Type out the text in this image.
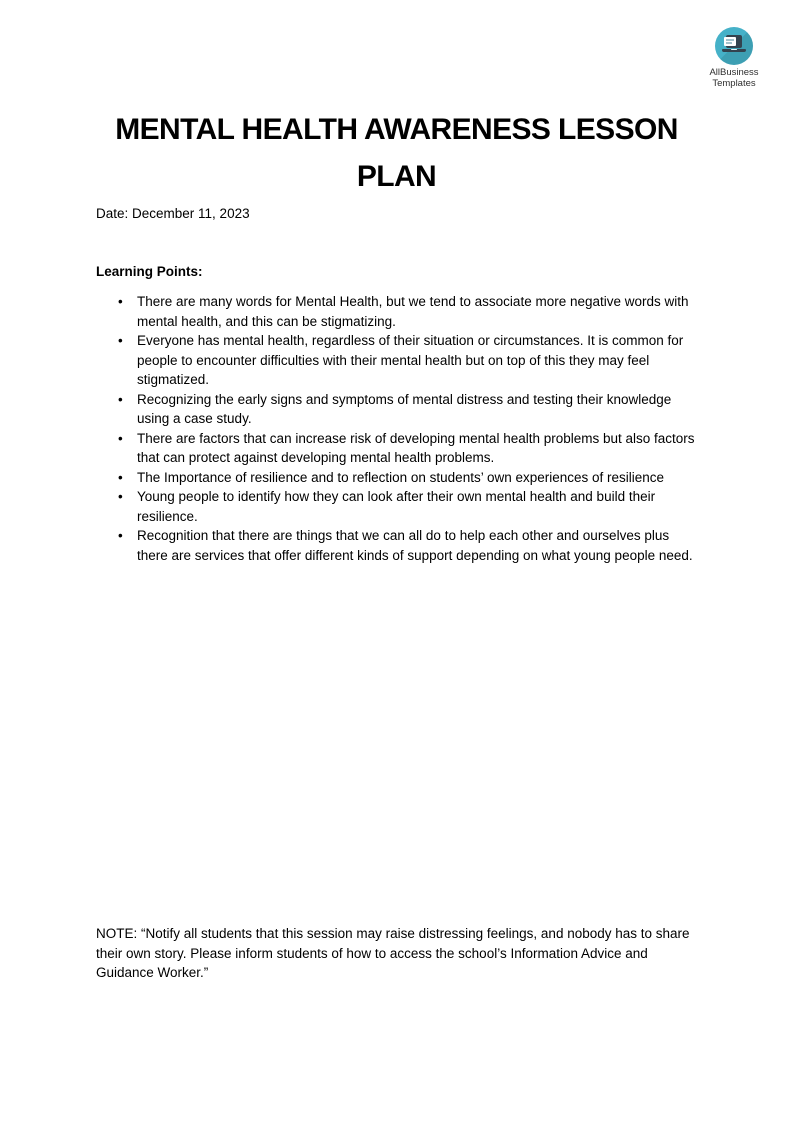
AllBusiness
Templates
MENTAL HEALTH AWARENESS LESSON
PLAN
Date: December 11, 2023
Learning Points:
• There are many words for Mental Health, but we tend to associate more negative words with mental health, and this can be stigmatizing.
• Everyone has mental health, regardless of their situation or circumstances. It is common for people to encounter difficulties with their mental health but on top of this they may feel stigmatized.
• Recognizing the early signs and symptoms of mental distress and testing their knowledge using a case study.
• There are factors that can increase risk of developing mental health problems but also factors that can protect against developing mental health problems.
• The Importance of resilience and to reflection on students’ own experiences of resilience
• Young people to identify how they can look after their own mental health and build their resilience.
• Recognition that there are things that we can all do to help each other and ourselves plus there are services that offer different kinds of support depending on what young people need.

NOTE: “Notify all students that this session may raise distressing feelings, and nobody has to share their own story. Please inform students of how to access the school’s Information Advice and Guidance Worker.”
